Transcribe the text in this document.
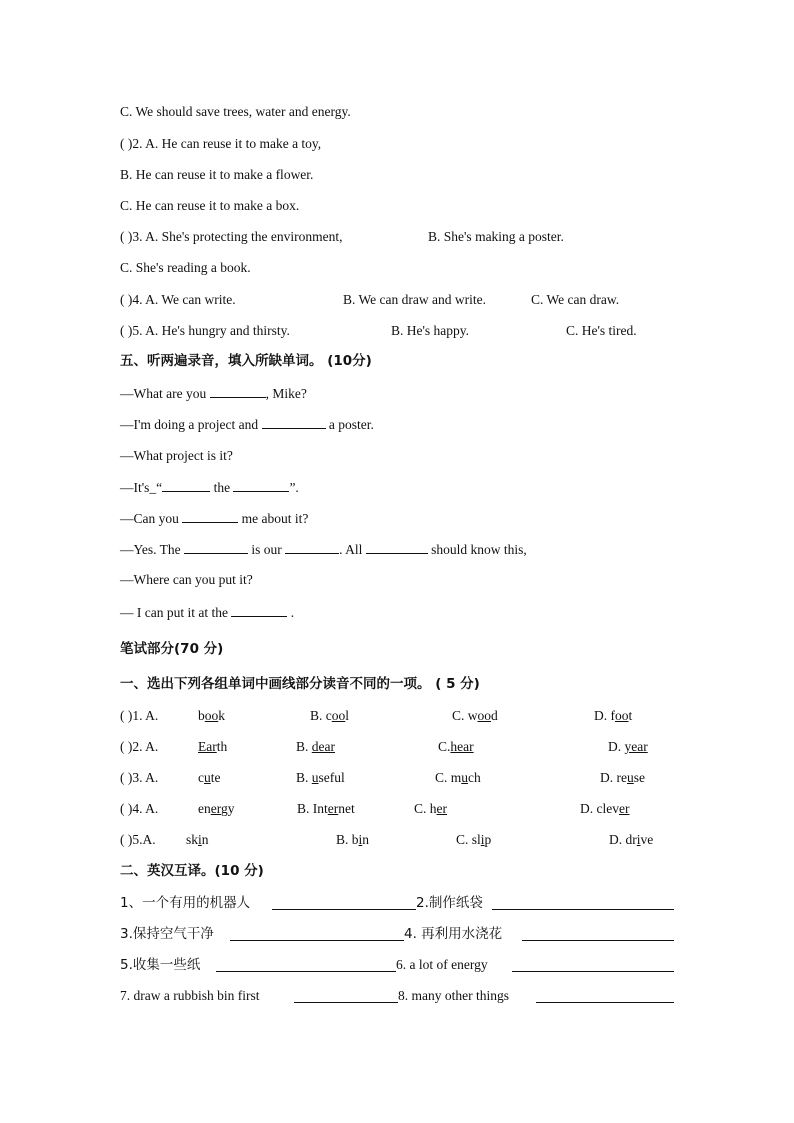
C. We should save trees, water and energy.
( )2. A. He can reuse it to make a toy,
B. He can reuse it to make a flower.
C. He can reuse it to make a box.
( )3. A. She's protecting the environment,	B. She's making a poster.
C. She's reading a book.
( )4. A. We can write.	B. We can draw and write.	C. We can draw.
( )5. A. He's hungry and thirsty.	B. He's happy.	C. He's tired.
五、听两遍录音，填入所缺单词。 (10分)
—What are you	, Mike?
—I'm doing a project and	a poster.
—What project is it?
—It's_“	the	”.
—Can you	me about it?
—Yes. The	is our	. All	should know this,
—Where can you put it?
— I can put it at the	.
笔试部分(70 分)
一、选出下列各组单词中画线部分读音不同的一项。 ( 5 分)
( )1. A.	book	B. cool	C. wood	D. foot
( )2. A.	Earth	B. dear	C.hear	D. year
( )3. A.	cute	B. useful	C. much	D. reuse
( )4. A.	energy	B. Internet	C. her	D. clever
( )5.A. skin	B. bin	C. slip	D. drive
二、英汉互译。(10 分)
1、一个有用的机器人	2.制作纸袋
3.保持空气干净	4. 再利用水浇花
5.收集一些纸	6. a lot of energy
7. draw a rubbish bin first	8. many other things
